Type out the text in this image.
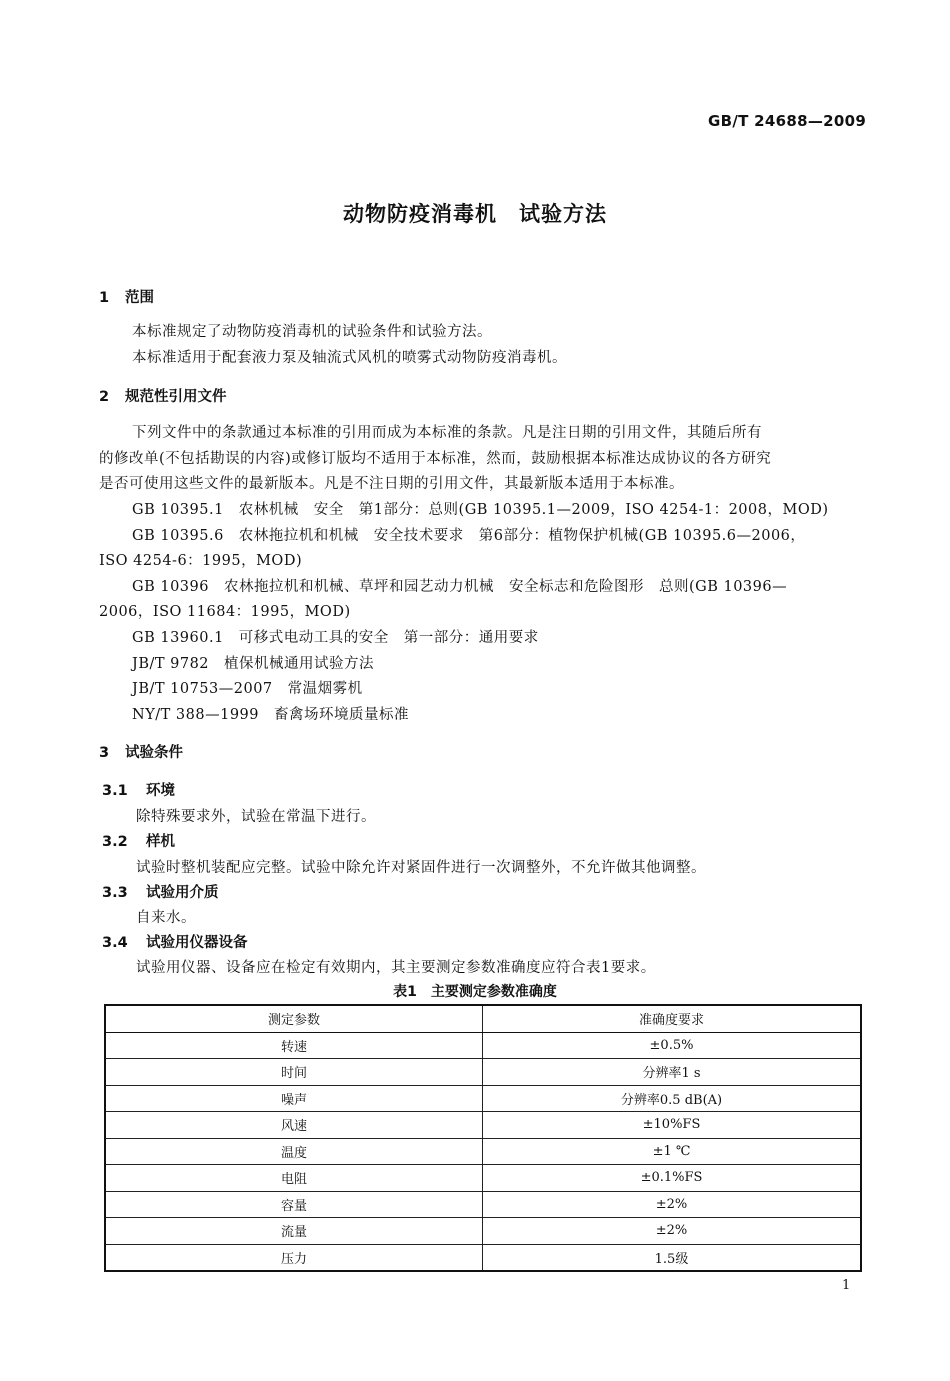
GB/T 24688—2009
动物防疫消毒机　试验方法
1 范围
本标准规定了动物防疫消毒机的试验条件和试验方法。
本标准适用于配套液力泵及轴流式风机的喷雾式动物防疫消毒机。
2 规范性引用文件
下列文件中的条款通过本标准的引用而成为本标准的条款。凡是注日期的引用文件，其随后所有
的修改单(不包括勘误的内容)或修订版均不适用于本标准，然而，鼓励根据本标准达成协议的各方研究
是否可使用这些文件的最新版本。凡是不注日期的引用文件，其最新版本适用于本标准。
GB 10395.1　农林机械　安全　第1部分：总则(GB 10395.1—2009，ISO 4254-1：2008，MOD)
GB 10395.6　农林拖拉机和机械　安全技术要求　第6部分：植物保护机械(GB 10395.6—2006，
ISO 4254-6：1995，MOD)
GB 10396　农林拖拉机和机械、草坪和园艺动力机械　安全标志和危险图形　总则(GB 10396—
2006，ISO 11684：1995，MOD)
GB 13960.1　可移式电动工具的安全　第一部分：通用要求
JB/T 9782　植保机械通用试验方法
JB/T 10753—2007　常温烟雾机
NY/T 388—1999　畜禽场环境质量标准
3 试验条件
3.1 环境
除特殊要求外，试验在常温下进行。
3.2 样机
试验时整机装配应完整。试验中除允许对紧固件进行一次调整外，不允许做其他调整。
3.3 试验用介质
自来水。
3.4 试验用仪器设备
试验用仪器、设备应在检定有效期内，其主要测定参数准确度应符合表1要求。
表1　主要测定参数准确度
测定参数	准确度要求
转速	±0.5%
时间	分辨率1 s
噪声	分辨率0.5 dB(A)
风速	±10%FS
温度	±1 ℃
电阻	±0.1%FS
容量	±2%
流量	±2%
压力	1.5级
1
